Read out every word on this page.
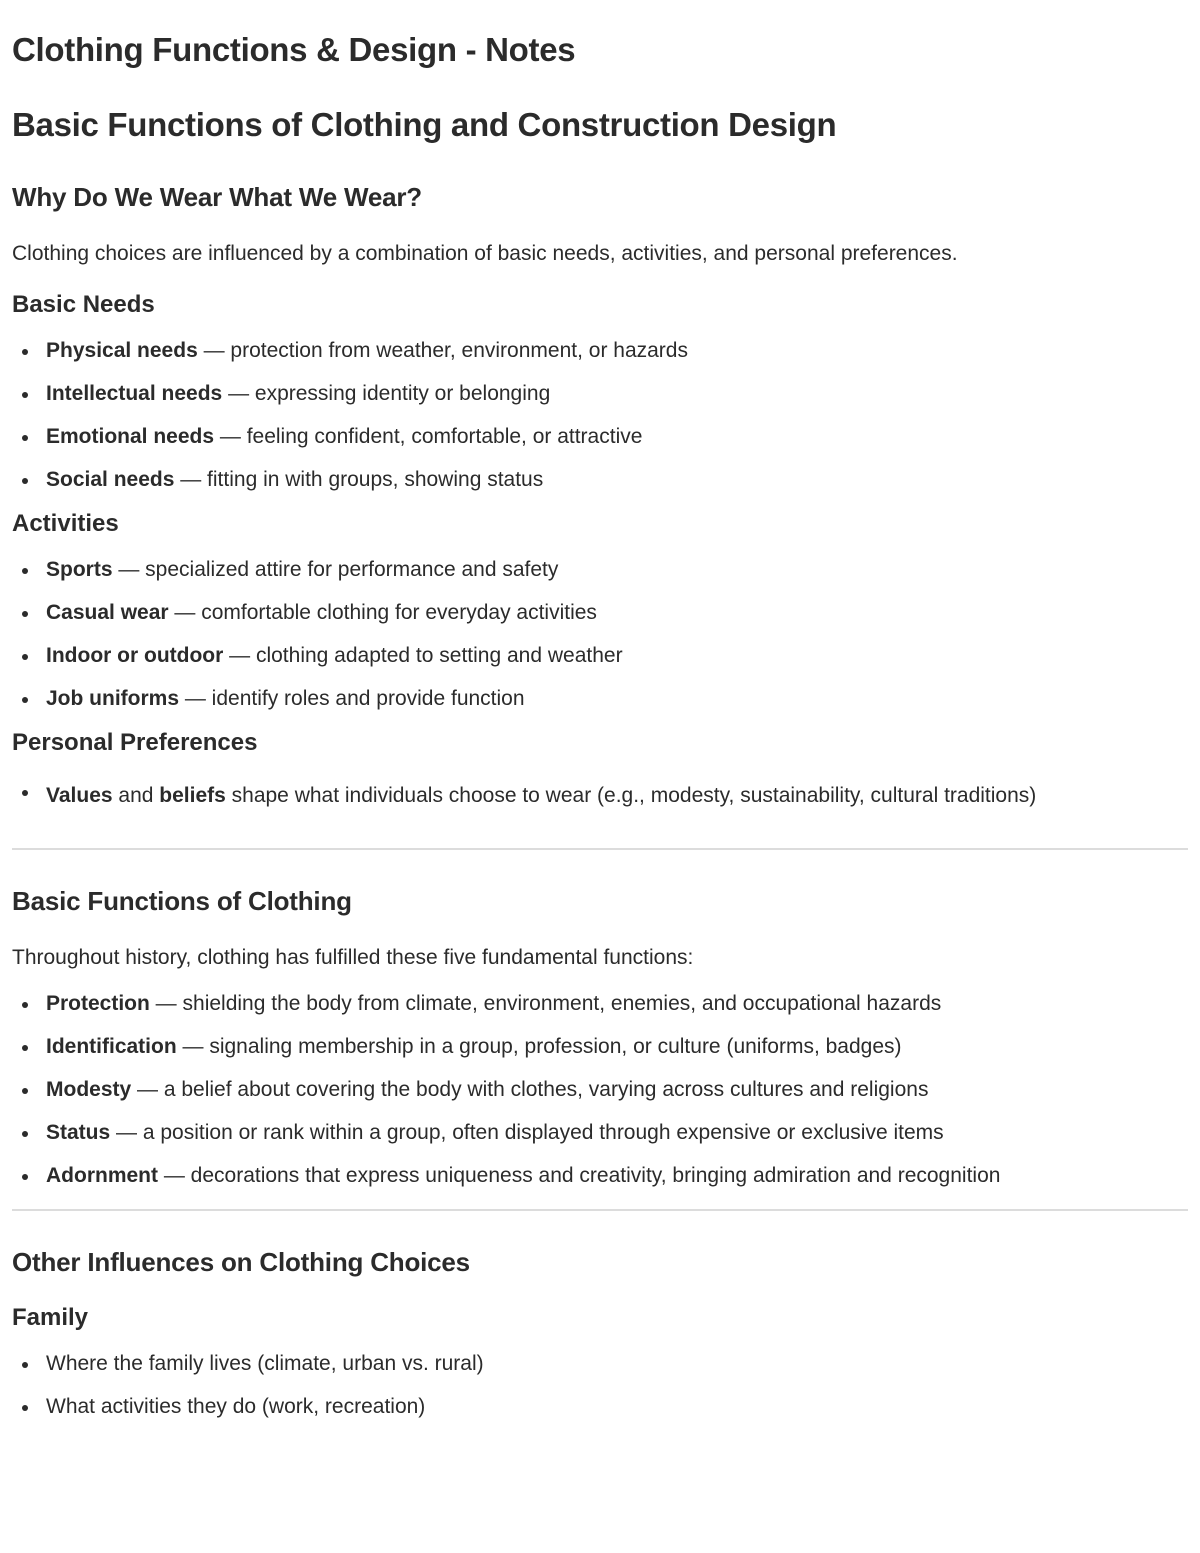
Clothing Functions & Design - Notes
Basic Functions of Clothing and Construction Design
Why Do We Wear What We Wear?

Clothing choices are influenced by a combination of basic needs, activities, and personal preferences.

Basic Needs
Physical needs — protection from weather, environment, or hazards
Intellectual needs — expressing identity or belonging
Emotional needs — feeling confident, comfortable, or attractive
Social needs — fitting in with groups, showing status
Activities
Sports — specialized attire for performance and safety
Casual wear — comfortable clothing for everyday activities
Indoor or outdoor — clothing adapted to setting and weather
Job uniforms — identify roles and provide function
Personal Preferences
Values and beliefs shape what individuals choose to wear (e.g., modesty, sustainability, cultural traditions)
Basic Functions of Clothing

Throughout history, clothing has fulfilled these five fundamental functions:

Protection — shielding the body from climate, environment, enemies, and occupational hazards
Identification — signaling membership in a group, profession, or culture (uniforms, badges)
Modesty — a belief about covering the body with clothes, varying across cultures and religions
Status — a position or rank within a group, often displayed through expensive or exclusive items
Adornment — decorations that express uniqueness and creativity, bringing admiration and recognition
Other Influences on Clothing Choices
Family
Where the family lives (climate, urban vs. rural)
What activities they do (work, recreation)
